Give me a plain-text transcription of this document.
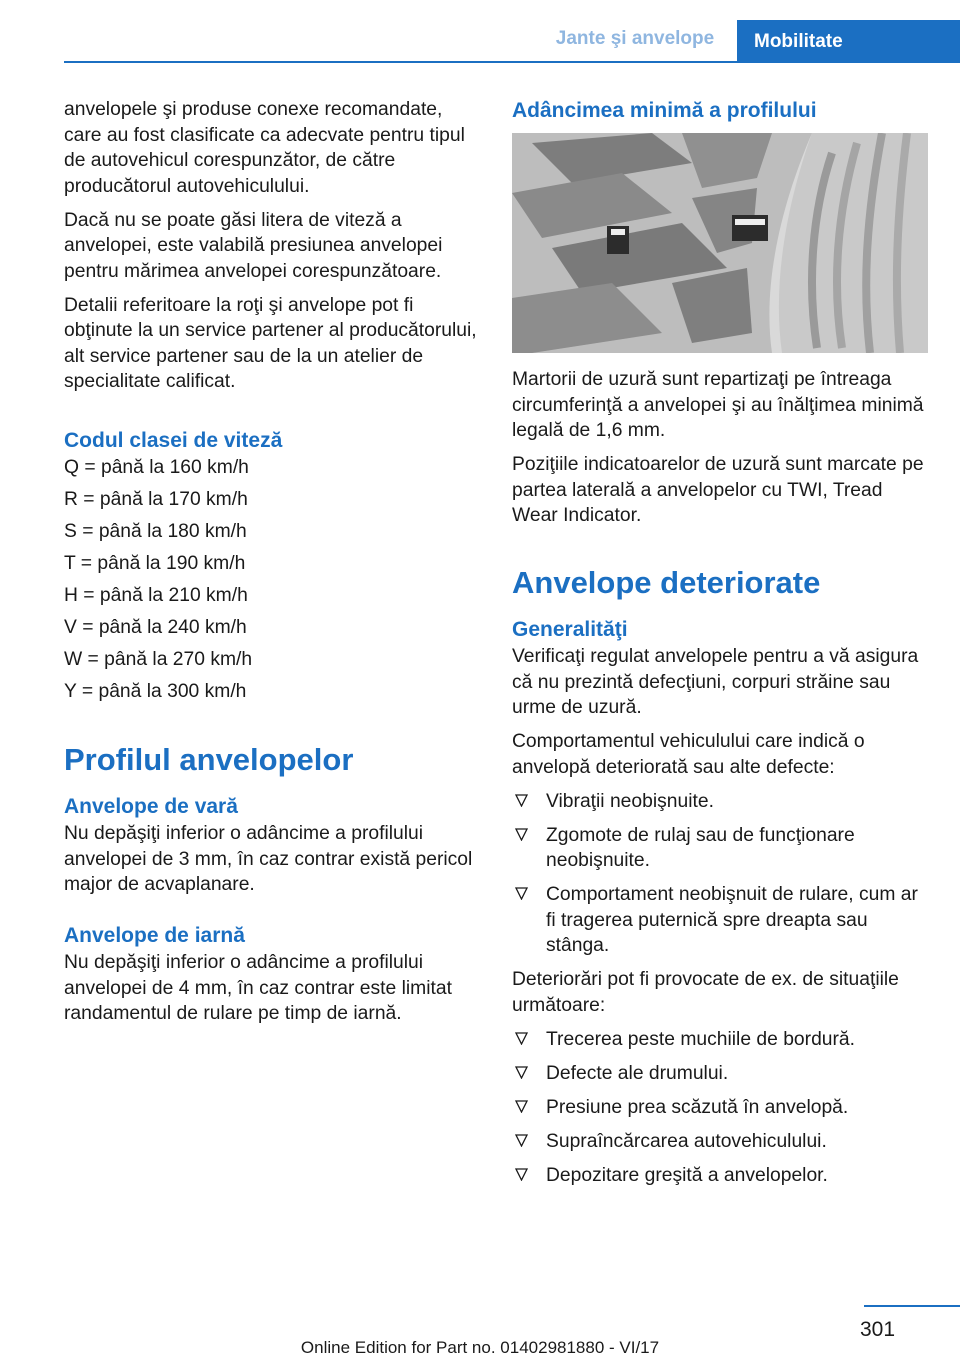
Jante şi anvelope	Mobilitate

anvelopele şi produse conexe recomandate, care au fost clasificate ca adecvate pentru tipul de autovehicul corespunzător, de către producătorul autovehiculului.

Dacă nu se poate găsi litera de viteză a anvelopei, este valabilă presiunea anvelopei pentru mărimea anvelopei corespunzătoare.

Detalii referitoare la roţi şi anvelope pot fi obţinute la un service partener al producătorului, alt service partener sau de la un atelier de specialitate calificat.

Codul clasei de viteză

Q = până la 160 km/h

R = până la 170 km/h

S = până la 180 km/h

T = până la 190 km/h

H = până la 210 km/h

V = până la 240 km/h

W = până la 270 km/h

Y = până la 300 km/h

Profilul anvelopelor
Anvelope de vară

Nu depăşiţi inferior o adâncime a profilului anvelopei de 3 mm, în caz contrar există pericol major de acvaplanare.

Anvelope de iarnă

Nu depăşiţi inferior o adâncime a profilului anvelopei de 4 mm, în caz contrar este limitat randamentul de rulare pe timp de iarnă.

Adâncimea minimă a profilului

Martorii de uzură sunt repartizaţi pe întreaga circumferinţă a anvelopei şi au înălţimea minimă legală de 1,6 mm.

Poziţiile indicatoarelor de uzură sunt marcate pe partea laterală a anvelopelor cu TWI, Tread Wear Indicator.

Anvelope deteriorate
Generalităţi

Verificaţi regulat anvelopele pentru a vă asigura că nu prezintă defecţiuni, corpuri străine sau urme de uzură.

Comportamentul vehiculului care indică o anvelopă deteriorată sau alte defecte:

Vibraţii neobişnuite.
Zgomote de rulaj sau de funcţionare neobişnuite.
Comportament neobişnuit de rulare, cum ar fi tragerea puternică spre dreapta sau stânga.

Deteriorări pot fi provocate de ex. de situaţiile următoare:

Trecerea peste muchiile de bordură.
Defecte ale drumului.
Presiune prea scăzută în anvelopă.
Supraîncărcarea autovehiculului.
Depozitare greşită a anvelopelor.
301
Online Edition for Part no. 01402981880 - VI/17
